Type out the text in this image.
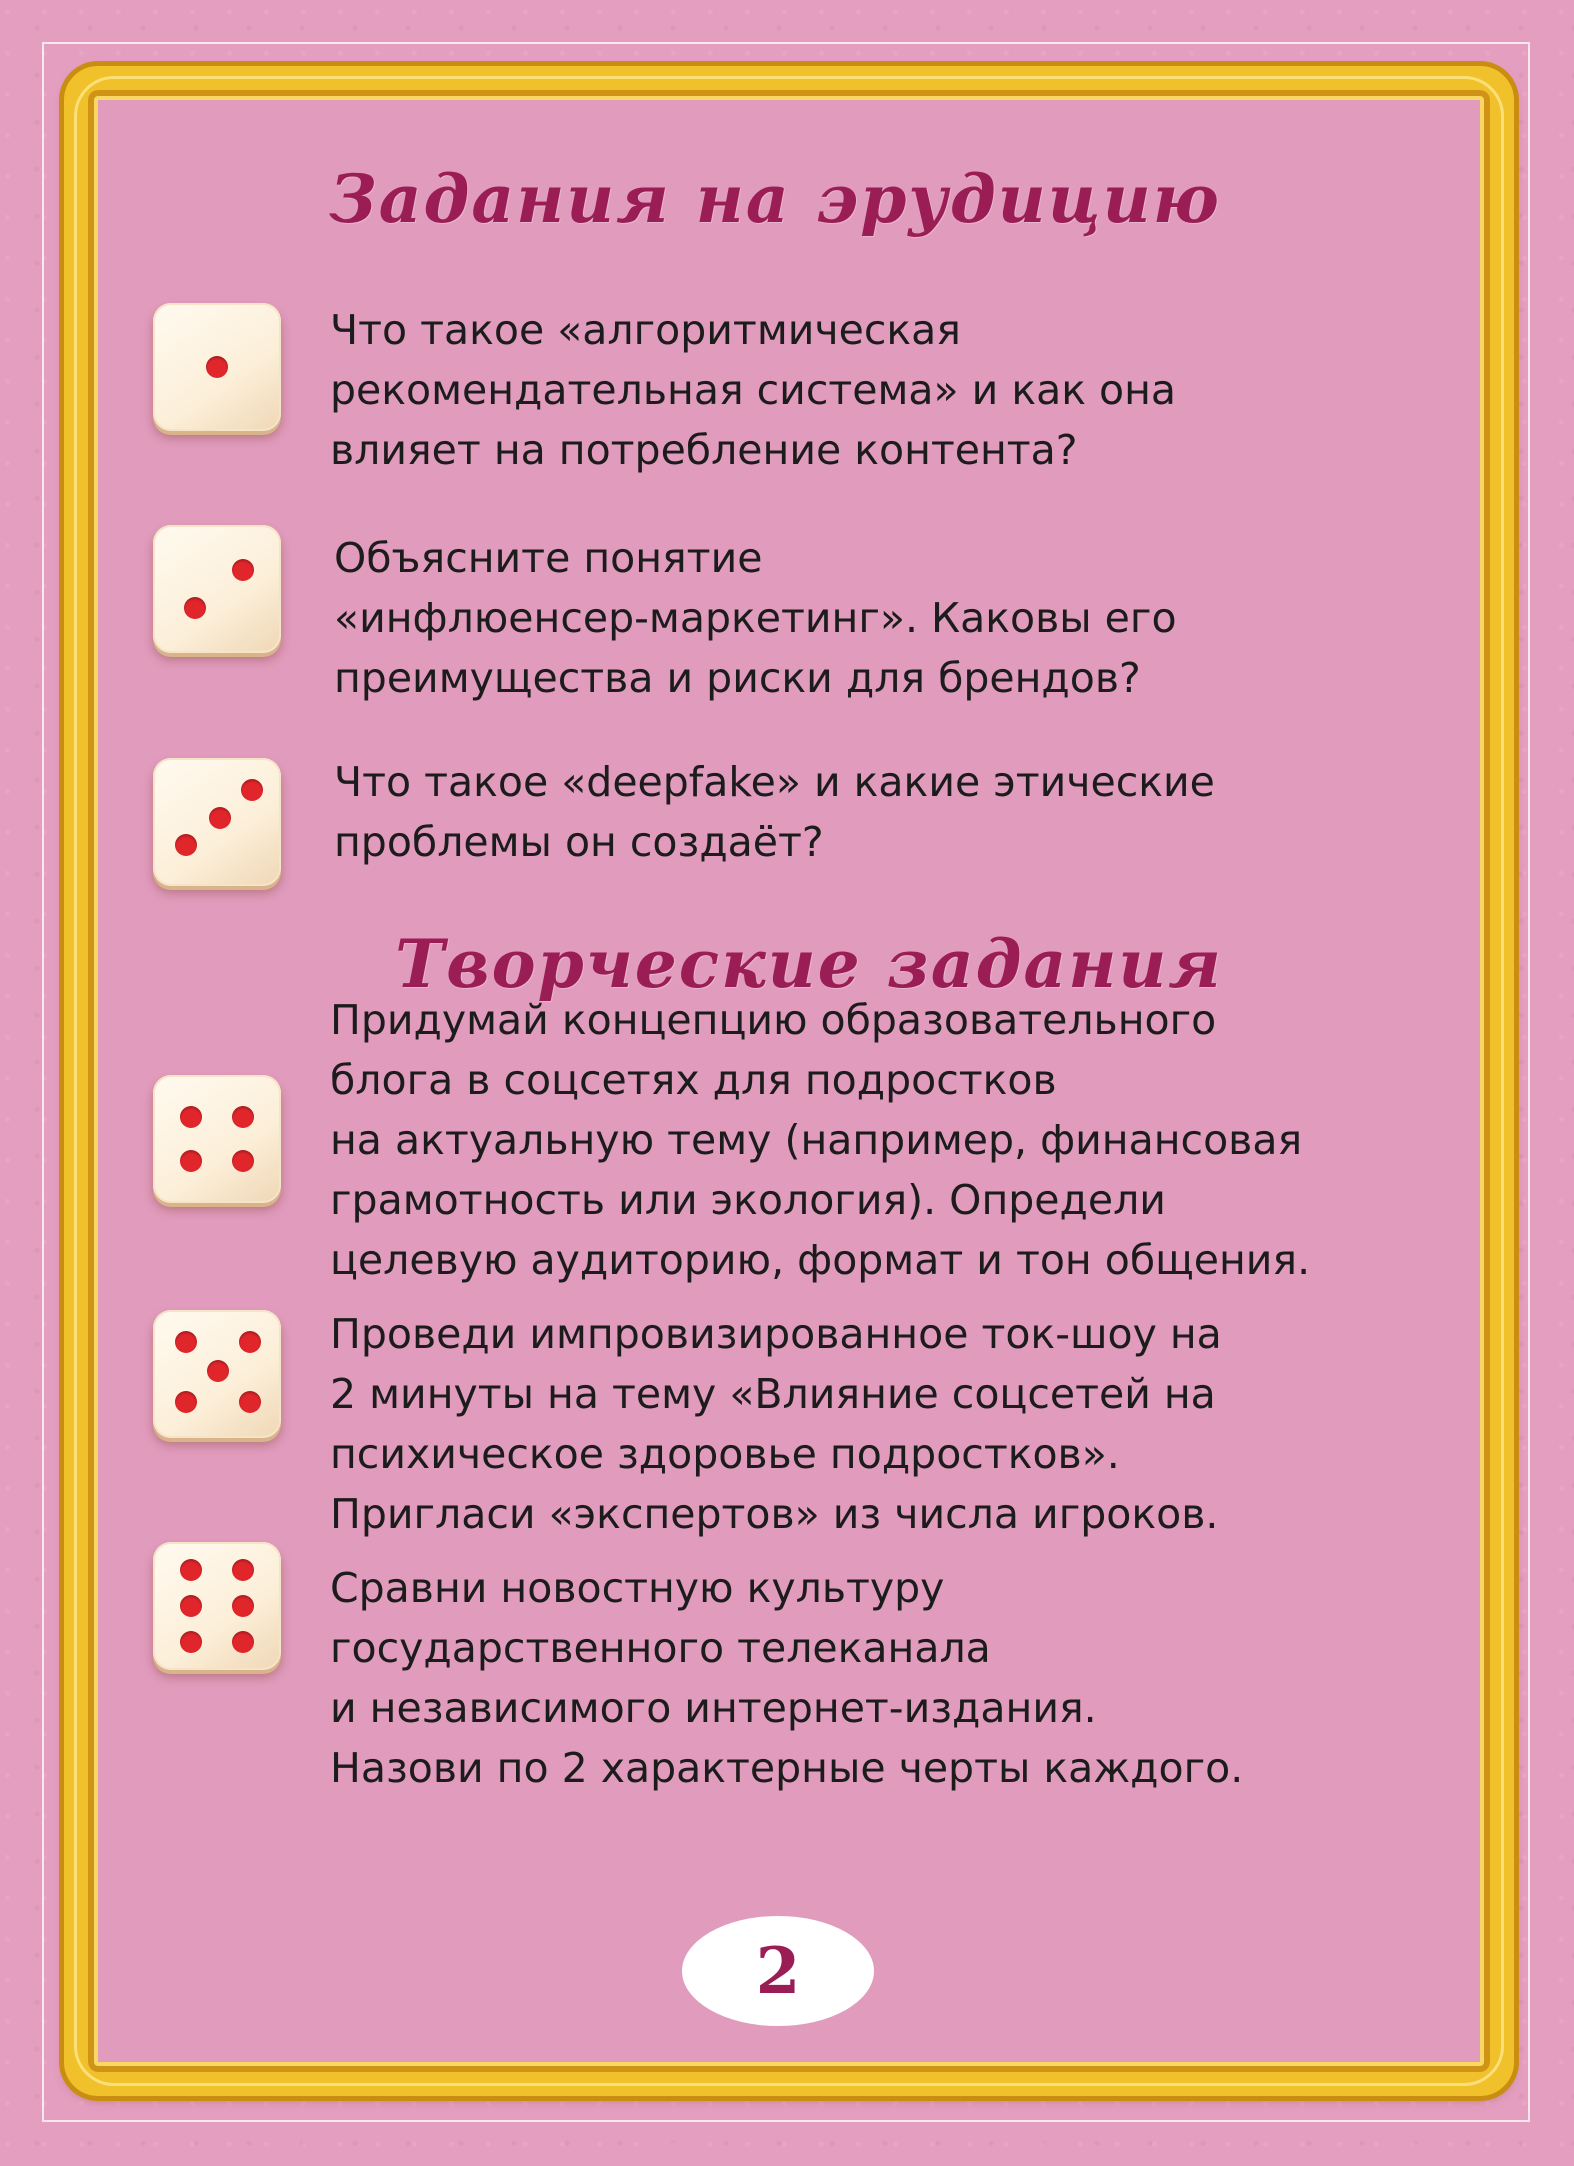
Задания на эрудицию
Творческие задания

Что такое «алгоритмическая
рекомендательная система» и как она
влияет на потребление контента?

Объясните понятие
«инфлюенсер-маркетинг». Каковы его
преимущества и риски для брендов?

Что такое «deepfake» и какие этические
проблемы он создаёт?

Придумай концепцию образовательного
блога в соцсетях для подростков
на актуальную тему (например, финансовая
грамотность или экология). Определи
целевую аудиторию, формат и тон общения.

Проведи импровизированное ток-шоу на
2 минуты на тему «Влияние соцсетей на
психическое здоровье подростков».
Пригласи «экспертов» из числа игроков.

Сравни новостную культуру
государственного телеканала
и независимого интернет-издания.
Назови по 2 характерные черты каждого.

2
